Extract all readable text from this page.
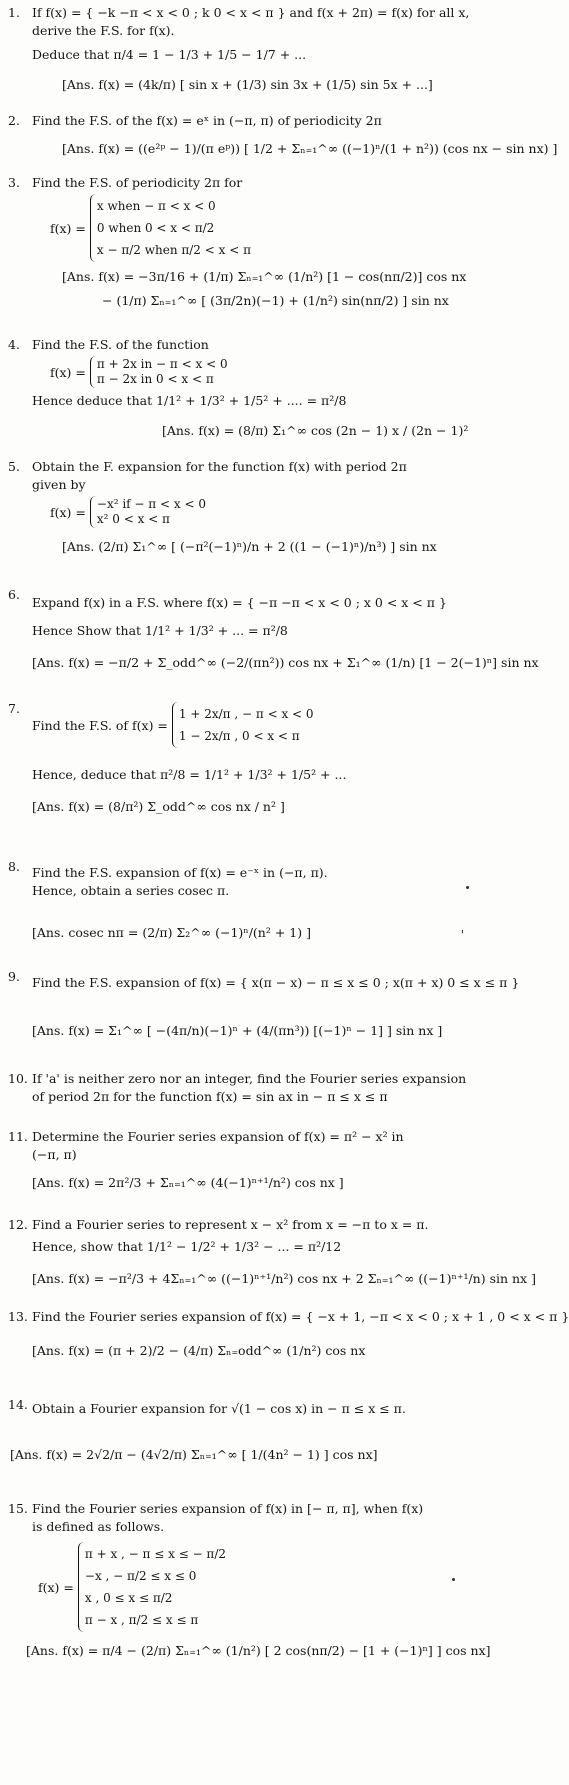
1. If f(x) = { −k −π < x < 0 ; k 0 < x < π } and f(x + 2π) = f(x) for all x,
derive the F.S. for f(x).
Deduce that π/4 = 1 − 1/3 + 1/5 − 1/7 + ...
[Ans. f(x) = (4k/π) [ sin x + (1/3) sin 3x + (1/5) sin 5x + ...]
2. Find the F.S. of the f(x) = eˣ in (−π, π) of periodicity 2π
[Ans. f(x) = ((e²ᵖ − 1)/(π eᵖ)) [ 1/2 + Σₙ₌₁^∞ ((−1)ⁿ/(1 + n²)) (cos nx − sin nx) ]
3. Find the F.S. of periodicity 2π for
f(x) =
x when − π < x < 0
0 when 0 < x < π/2
x − π/2 when π/2 < x < π
[Ans. f(x) = −3π/16 + (1/π) Σₙ₌₁^∞ (1/n²) [1 − cos(nπ/2)] cos nx
− (1/π) Σₙ₌₁^∞ [ (3π/2n)(−1) + (1/n²) sin(nπ/2) ] sin nx
4. Find the F.S. of the function
f(x) =
π + 2x in − π < x < 0
π − 2x in 0 < x < π
Hence deduce that 1/1² + 1/3² + 1/5² + .... = π²/8
[Ans. f(x) = (8/π) Σ₁^∞ cos (2n − 1) x / (2n − 1)²
5. Obtain the F. expansion for the function f(x) with period 2π
given by
f(x) =
−x² if − π < x < 0
x² 0 < x < π
[Ans. (2/π) Σ₁^∞ [ (−π²(−1)ⁿ)/n + 2 ((1 − (−1)ⁿ)/n³) ] sin nx
6.
Expand f(x) in a F.S. where f(x) = { −π −π < x < 0 ; x 0 < x < π }
Hence Show that 1/1² + 1/3² + ... = π²/8
[Ans. f(x) = −π/2 + Σ_odd^∞ (−2/(πn²)) cos nx + Σ₁^∞ (1/n) [1 − 2(−1)ⁿ] sin nx
7.
Find the F.S. of f(x) =
1 + 2x/π , − π < x < 0
1 − 2x/π , 0 < x < π
Hence, deduce that π²/8 = 1/1² + 1/3² + 1/5² + ...
[Ans. f(x) = (8/π²) Σ_odd^∞ cos nx / n² ]
8. Find the F.S. expansion of f(x) = e⁻ˣ in (−π, π).
Hence, obtain a series cosec π.
[Ans. cosec nπ = (2/π) Σ₂^∞ (−1)ⁿ/(n² + 1) ]	'
9. Find the F.S. expansion of f(x) = { x(π − x) − π ≤ x ≤ 0 ; x(π + x) 0 ≤ x ≤ π }
[Ans. f(x) = Σ₁^∞ [ −(4π/n)(−1)ⁿ + (4/(πn³)) [(−1)ⁿ − 1] ] sin nx ]
10. If 'a' is neither zero nor an integer, find the Fourier series expansion
of period 2π for the function f(x) = sin ax in − π ≤ x ≤ π
11. Determine the Fourier series expansion of f(x) = π² − x² in
(−π, π)
[Ans. f(x) = 2π²/3 + Σₙ₌₁^∞ (4(−1)ⁿ⁺¹/n²) cos nx ]
12. Find a Fourier series to represent x − x² from x = −π to x = π.
Hence, show that 1/1² − 1/2² + 1/3² − ... = π²/12
[Ans. f(x) = −π²/3 + 4Σₙ₌₁^∞ ((−1)ⁿ⁺¹/n²) cos nx + 2 Σₙ₌₁^∞ ((−1)ⁿ⁺¹/n) sin nx ]
13. Find the Fourier series expansion of f(x) = { −x + 1, −π < x < 0 ; x + 1 , 0 < x < π }
[Ans. f(x) = (π + 2)/2 − (4/π) Σₙ₌odd^∞ (1/n²) cos nx
14. Obtain a Fourier expansion for √(1 − cos x) in − π ≤ x ≤ π.
[Ans. f(x) = 2√2/π − (4√2/π) Σₙ₌₁^∞ [ 1/(4n² − 1) ] cos nx]
15. Find the Fourier series expansion of f(x) in [− π, π], when f(x)
is defined as follows.
f(x) =
π + x , − π ≤ x ≤ − π/2
−x , − π/2 ≤ x ≤ 0
x , 0 ≤ x ≤ π/2
π − x , π/2 ≤ x ≤ π
[Ans. f(x) = π/4 − (2/π) Σₙ₌₁^∞ (1/n²) [ 2 cos(nπ/2) − [1 + (−1)ⁿ] ] cos nx]
